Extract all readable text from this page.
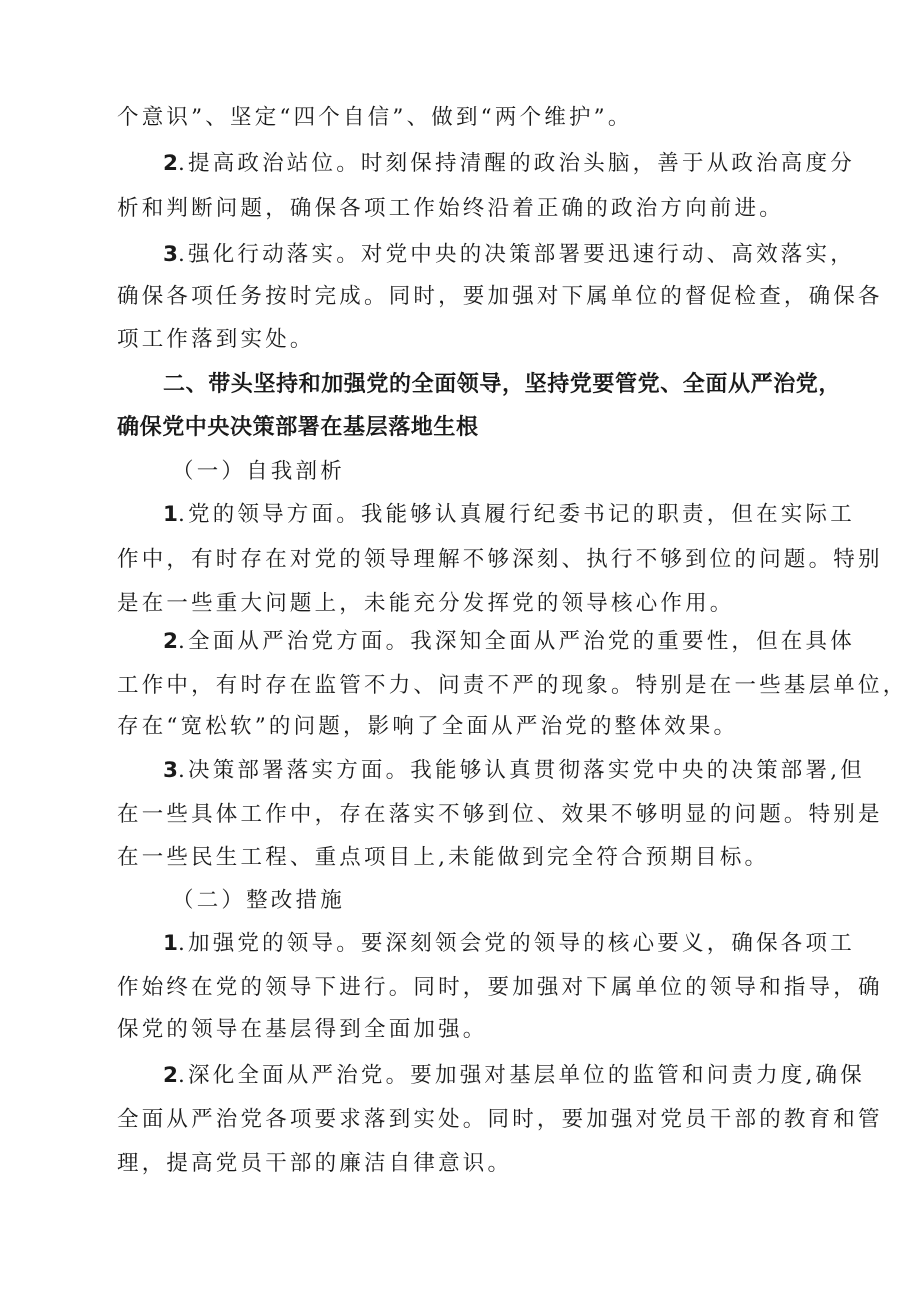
个意识”、坚定“四个自信”、做到“两个维护”。
2.提高政治站位。时刻保持清醒的政治头脑，善于从政治高度分
析和判断问题，确保各项工作始终沿着正确的政治方向前进。
3.强化行动落实。对党中央的决策部署要迅速行动、高效落实，
确保各项任务按时完成。同时，要加强对下属单位的督促检查，确保各
项工作落到实处。
二、带头坚持和加强党的全面领导，坚持党要管党、全面从严治党，
确保党中央决策部署在基层落地生根
（一）自我剖析
1.党的领导方面。我能够认真履行纪委书记的职责，但在实际工
作中，有时存在对党的领导理解不够深刻、执行不够到位的问题。特别
是在一些重大问题上，未能充分发挥党的领导核心作用。
2.全面从严治党方面。我深知全面从严治党的重要性，但在具体
工作中，有时存在监管不力、问责不严的现象。特别是在一些基层单位，
存在“宽松软”的问题，影响了全面从严治党的整体效果。
3.决策部署落实方面。我能够认真贯彻落实党中央的决策部署,但
在一些具体工作中，存在落实不够到位、效果不够明显的问题。特别是
在一些民生工程、重点项目上,未能做到完全符合预期目标。
（二）整改措施
1.加强党的领导。要深刻领会党的领导的核心要义，确保各项工
作始终在党的领导下进行。同时，要加强对下属单位的领导和指导，确
保党的领导在基层得到全面加强。
2.深化全面从严治党。要加强对基层单位的监管和问责力度,确保
全面从严治党各项要求落到实处。同时，要加强对党员干部的教育和管
理，提高党员干部的廉洁自律意识。
